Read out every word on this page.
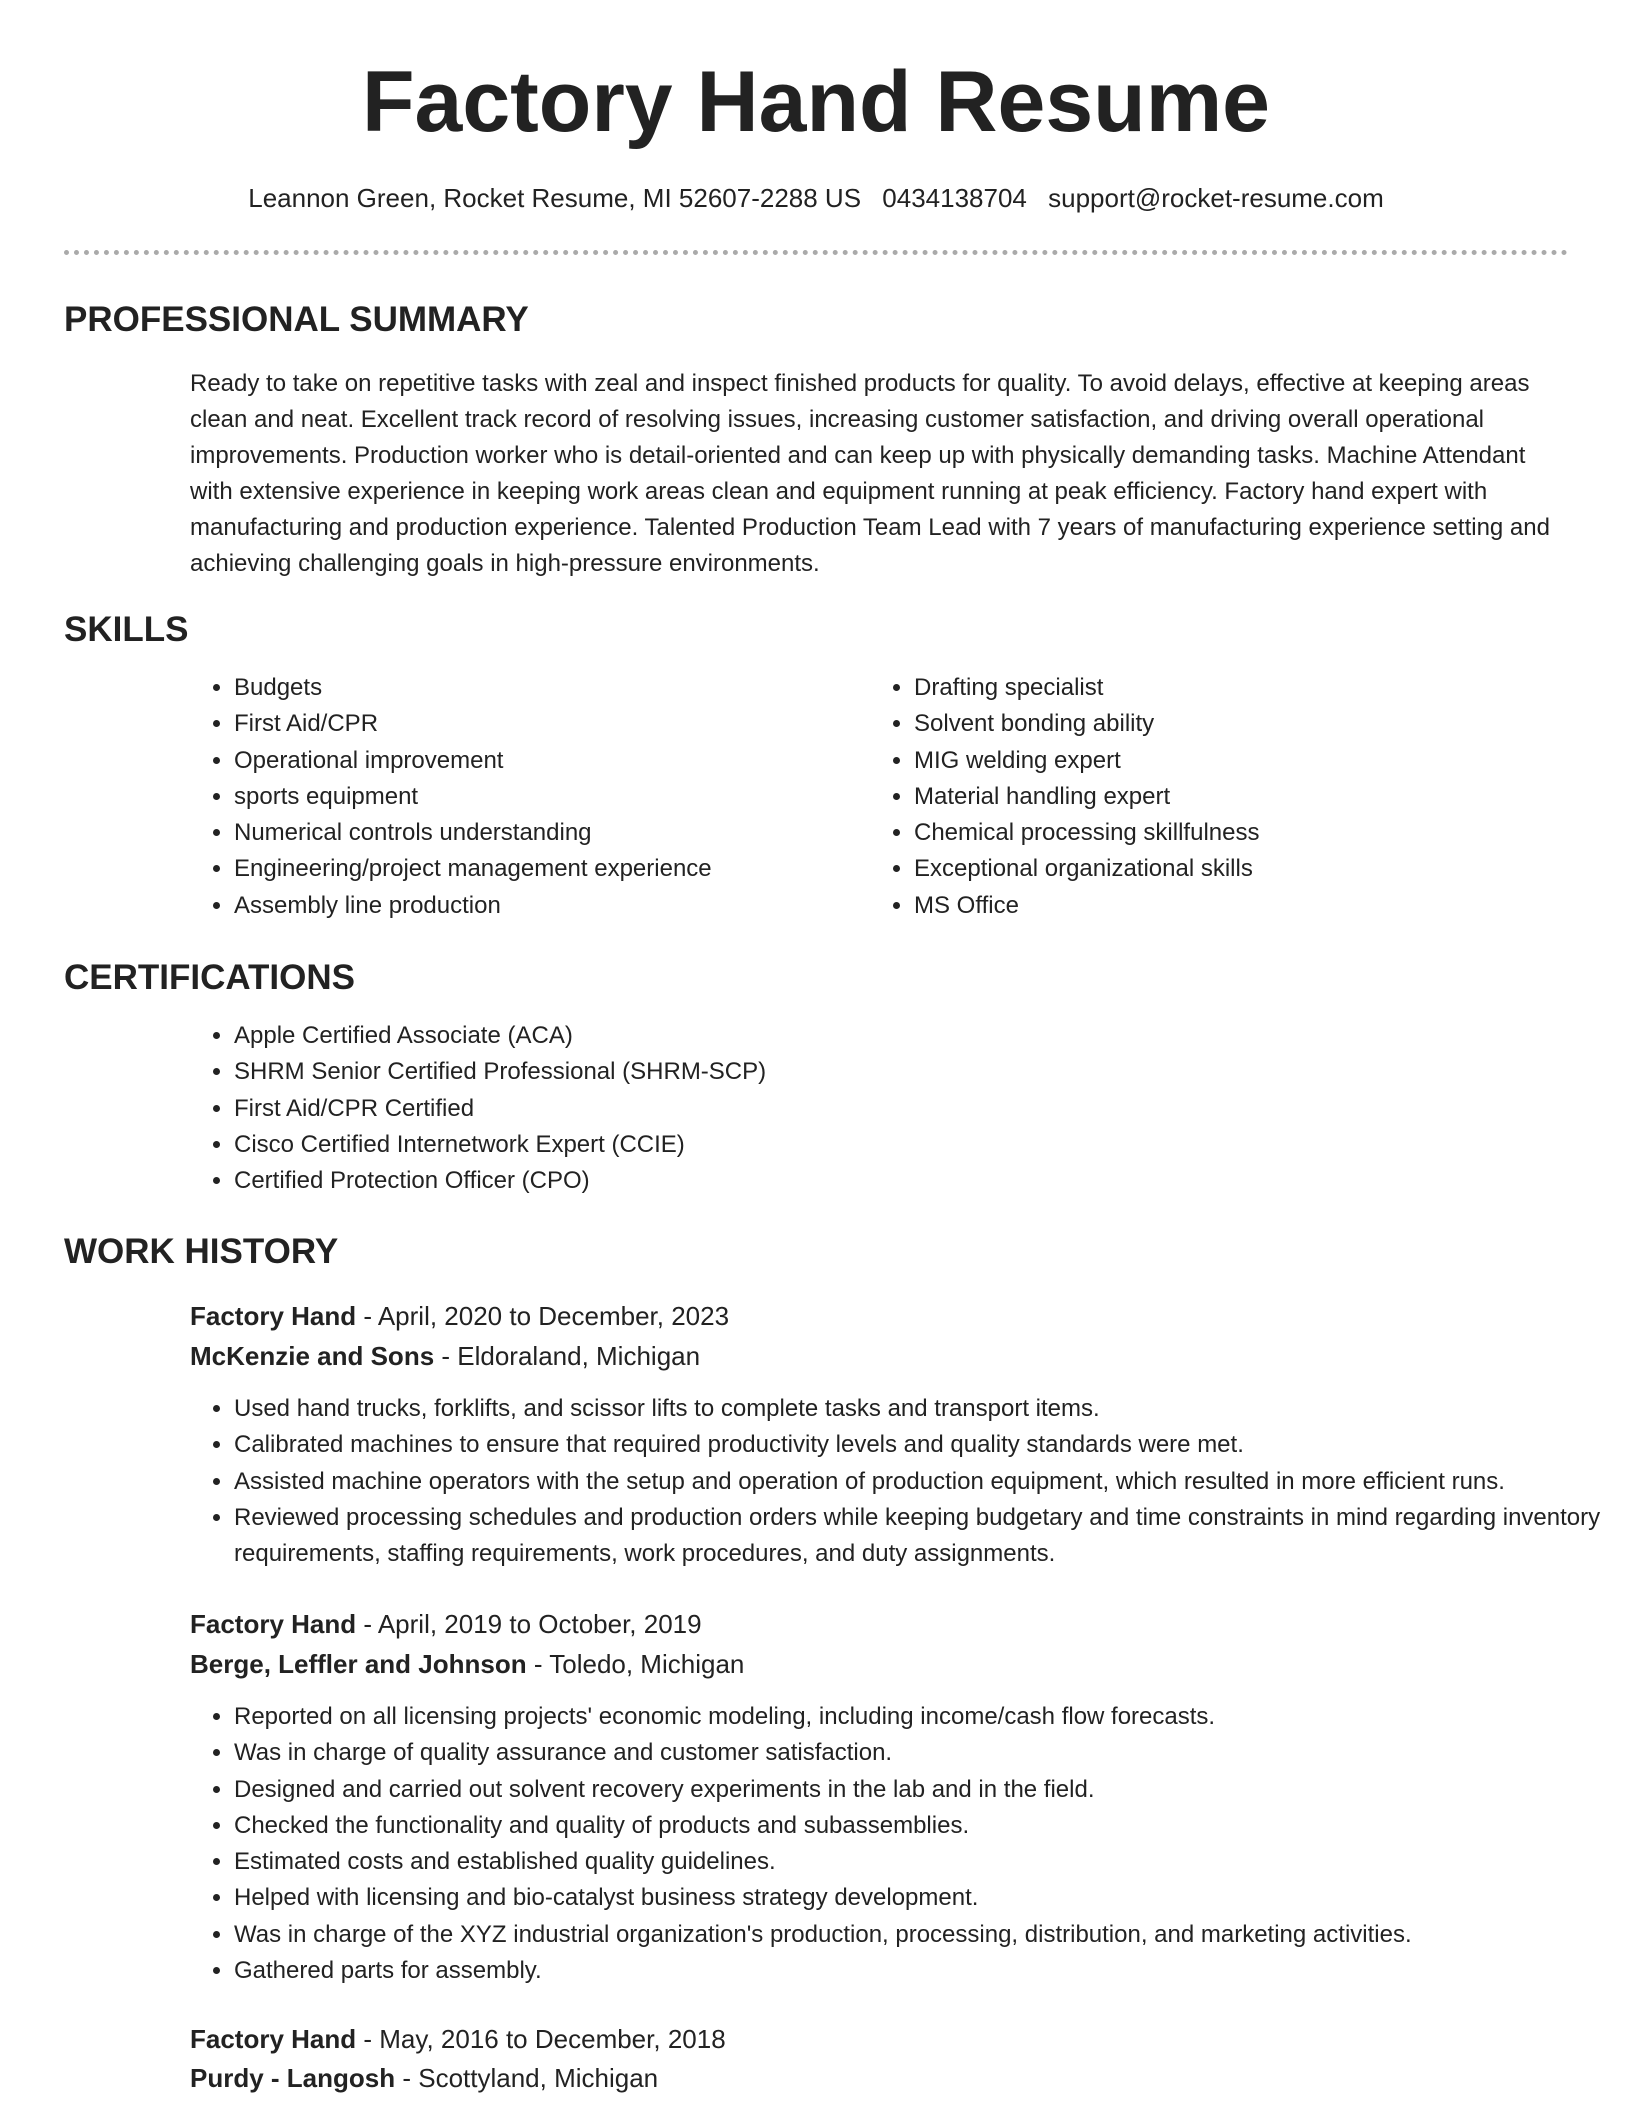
Factory Hand Resume
Leannon Green, Rocket Resume, MI 52607-2288 US 0434138704 support@rocket-resume.com
PROFESSIONAL SUMMARY

Ready to take on repetitive tasks with zeal and inspect finished products for quality. To avoid delays, effective at keeping areas clean and neat. Excellent track record of resolving issues, increasing customer satisfaction, and driving overall operational improvements. Production worker who is detail-oriented and can keep up with physically demanding tasks. Machine Attendant with extensive experience in keeping work areas clean and equipment running at peak efficiency. Factory hand expert with manufacturing and production experience. Talented Production Team Lead with 7 years of manufacturing experience setting and achieving challenging goals in high-pressure environments.

SKILLS
• Budgets
• First Aid/CPR
• Operational improvement
• sports equipment
• Numerical controls understanding
• Engineering/project management experience
• Assembly line production
• Drafting specialist
• Solvent bonding ability
• MIG welding expert
• Material handling expert
• Chemical processing skillfulness
• Exceptional organizational skills
• MS Office
CERTIFICATIONS
• Apple Certified Associate (ACA)
• SHRM Senior Certified Professional (SHRM-SCP)
• First Aid/CPR Certified
• Cisco Certified Internetwork Expert (CCIE)
• Certified Protection Officer (CPO)
WORK HISTORY
Factory Hand - April, 2020 to December, 2023
McKenzie and Sons - Eldoraland, Michigan
• Used hand trucks, forklifts, and scissor lifts to complete tasks and transport items.
• Calibrated machines to ensure that required productivity levels and quality standards were met.
• Assisted machine operators with the setup and operation of production equipment, which resulted in more efficient runs.
• Reviewed processing schedules and production orders while keeping budgetary and time constraints in mind regarding inventory requirements, staffing requirements, work procedures, and duty assignments.
Factory Hand - April, 2019 to October, 2019
Berge, Leffler and Johnson - Toledo, Michigan
• Reported on all licensing projects' economic modeling, including income/cash flow forecasts.
• Was in charge of quality assurance and customer satisfaction.
• Designed and carried out solvent recovery experiments in the lab and in the field.
• Checked the functionality and quality of products and subassemblies.
• Estimated costs and established quality guidelines.
• Helped with licensing and bio-catalyst business strategy development.
• Was in charge of the XYZ industrial organization's production, processing, distribution, and marketing activities.
• Gathered parts for assembly.
Factory Hand - May, 2016 to December, 2018
Purdy - Langosh - Scottyland, Michigan
